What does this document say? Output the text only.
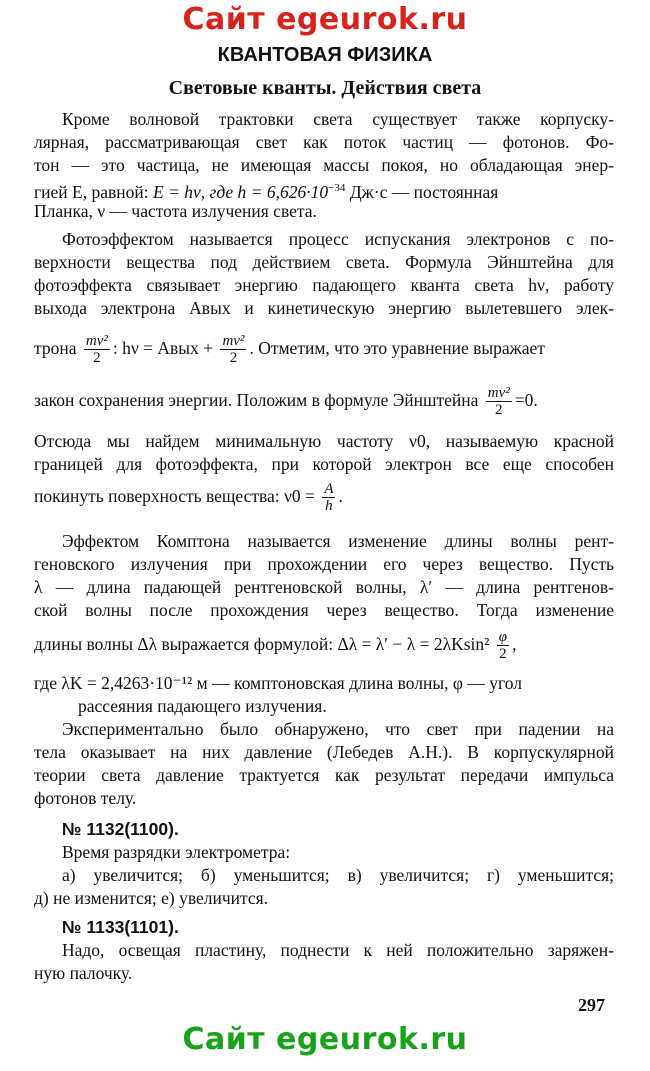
Сайт egeurok.ru
КВАНТОВАЯ ФИЗИКА
Световые кванты. Действия света
Кроме волновой трактовки света существует также корпуску-
лярная, рассматривающая свет как поток частиц — фотонов. Фо-
тон — это частица, не имеющая массы покоя, но обладающая энер-
гией E, равной: E = hν, где $h = 6,626\cdot 10^{-34}$ Дж·с — постоянная
Планка, ν — частота излучения света.
Фотоэффектом называется процесс испускания электронов с по-
верхности вещества под действием света. Формула Эйнштейна для
фотоэффекта связывает энергию падающего кванта света hν, работу
выхода электрона Aвых и кинетическую энергию вылетевшего элек-
трона $\frac{\text{mv²}}{2}$ : hν = Aвых + $\frac{\text{mv²}}{2}$ . Отметим, что это уравнение выражает
закон сохранения энергии. Положим в формуле Эйнштейна $\frac{\text{mv²}}{2} =0$.
Отсюда мы найдем минимальную частоту ν0, называемую красной
границей для фотоэффекта, при которой электрон все еще способен
покинуть поверхность вещества: $\nu 0 = \frac{A}{h}$ .
Эффектом Комптона называется изменение длины волны рент-
геновского излучения при прохождении его через вещество. Пусть
λ — длина падающей рентгеновской волны, λ′ — длина рентгенов-
ской волны после прохождения через вещество. Тогда изменение
длины волны Δλ выражается формулой: $\Delta\lambda = \lambda' - \lambda = 2\lambda Ksin^2 \frac{\varphi}{2}$ ,
где λK = 2,4263·10⁻¹² м — комптоновская длина волны, φ — угол
рассеяния падающего излучения.
Экспериментально было обнаружено, что свет при падении на
тела оказывает на них давление (Лебедев А.Н.). В корпускулярной
теории света давление трактуется как результат передачи импульса
фотонов телу.
№ 1132(1100).
Время разрядки электрометра:
а) увеличится; б) уменьшится; в) увеличится; г) уменьшится;
д) не изменится; е) увеличится.
№ 1133(1101).
Надо, освещая пластину, поднести к ней положительно заряжен-
ную палочку.
297
Сайт egeurok.ru
